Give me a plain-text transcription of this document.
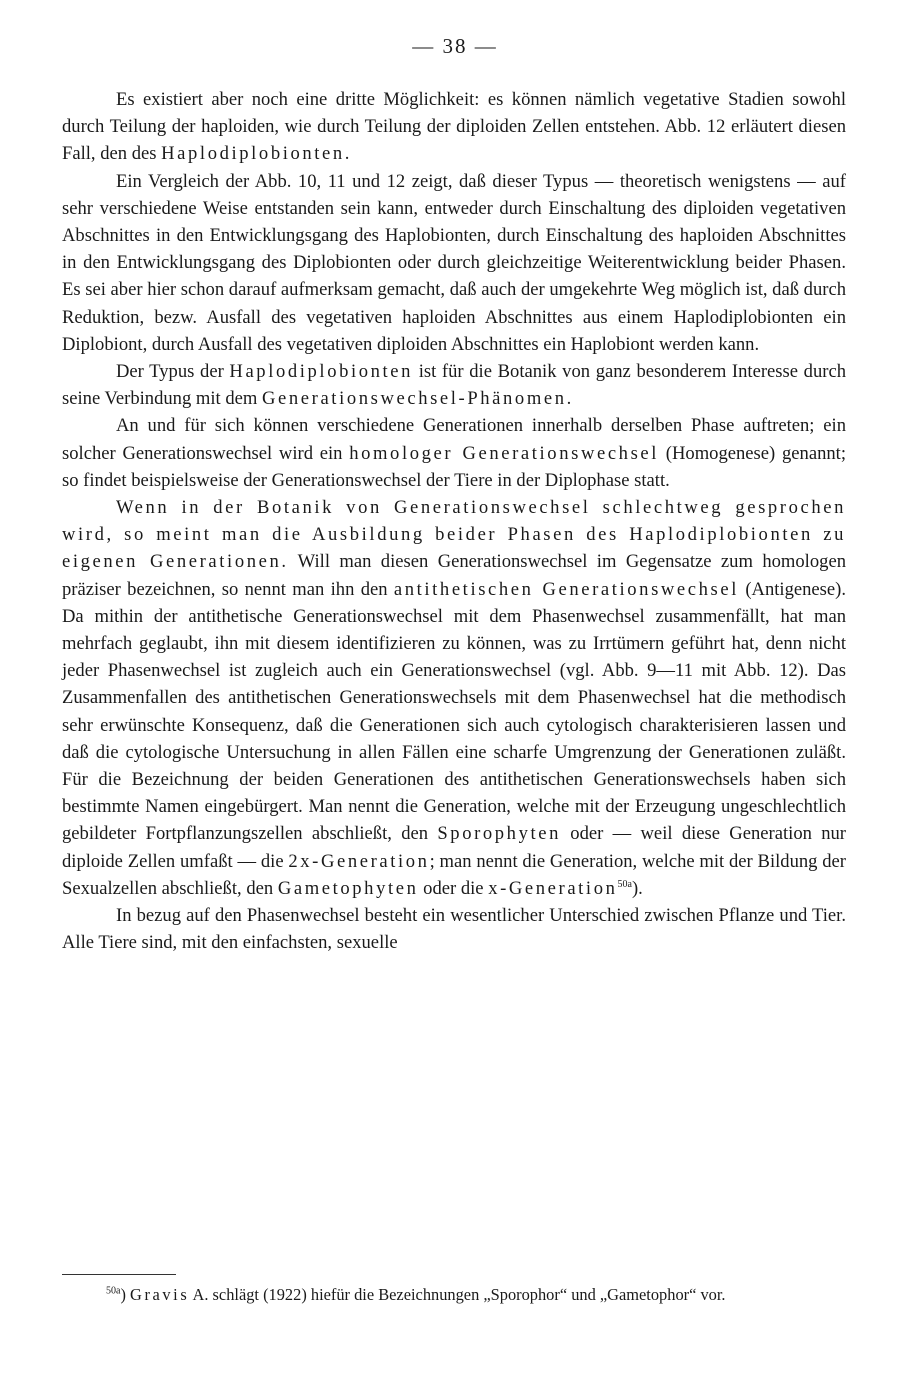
— 38 —

Es existiert aber noch eine dritte Möglichkeit: es können nämlich vegetative Stadien sowohl durch Teilung der haploiden, wie durch Teilung der diploiden Zellen entstehen. Abb. 12 erläutert diesen Fall, den des Haplodiplobionten.

Ein Vergleich der Abb. 10, 11 und 12 zeigt, daß dieser Typus — theoretisch wenigstens — auf sehr verschiedene Weise entstanden sein kann, entweder durch Einschaltung des diploiden vegetativen Abschnittes in den Entwicklungsgang des Haplobionten, durch Einschaltung des haploiden Abschnittes in den Entwicklungsgang des Diplobionten oder durch gleichzeitige Weiterentwicklung beider Phasen. Es sei aber hier schon darauf aufmerksam gemacht, daß auch der umgekehrte Weg möglich ist, daß durch Reduktion, bezw. Ausfall des vegetativen haploiden Abschnittes aus einem Haplodiplobionten ein Diplobiont, durch Ausfall des vegetativen diploiden Abschnittes ein Haplobiont werden kann.

Der Typus der Haplodiplobionten ist für die Botanik von ganz besonderem Interesse durch seine Verbindung mit dem Generationswechsel-Phänomen.

An und für sich können verschiedene Generationen innerhalb derselben Phase auftreten; ein solcher Generationswechsel wird ein homologer Generationswechsel (Homogenese) genannt; so findet beispielsweise der Generationswechsel der Tiere in der Diplophase statt.

Wenn in der Botanik von Generationswechsel schlechtweg gesprochen wird, so meint man die Ausbildung beider Phasen des Haplodiplobionten zu eigenen Generationen. Will man diesen Generationswechsel im Gegensatze zum homologen präziser bezeichnen, so nennt man ihn den antithetischen Generationswechsel (Antigenese). Da mithin der antithetische Generationswechsel mit dem Phasenwechsel zusammenfällt, hat man mehrfach geglaubt, ihn mit diesem identifizieren zu können, was zu Irrtümern geführt hat, denn nicht jeder Phasenwechsel ist zugleich auch ein Generationswechsel (vgl. Abb. 9—11 mit Abb. 12). Das Zusammenfallen des antithetischen Generationswechsels mit dem Phasenwechsel hat die methodisch sehr erwünschte Konsequenz, daß die Generationen sich auch cytologisch charakterisieren lassen und daß die cytologische Untersuchung in allen Fällen eine scharfe Umgrenzung der Generationen zuläßt. Für die Bezeichnung der beiden Generationen des antithetischen Generationswechsels haben sich bestimmte Namen eingebürgert. Man nennt die Generation, welche mit der Erzeugung ungeschlechtlich gebildeter Fortpflanzungszellen abschließt, den Sporophyten oder — weil diese Generation nur diploide Zellen umfaßt — die 2x-Generation; man nennt die Generation, welche mit der Bildung der Sexualzellen abschließt, den Gametophyten oder die x-Generation$^{50a}$).

In bezug auf den Phasenwechsel besteht ein wesentlicher Unterschied zwischen Pflanze und Tier. Alle Tiere sind, mit den einfachsten, sexuelle

$^{50a}$) Gravis A. schlägt (1922) hiefür die Bezeichnungen „Sporophor“ und „Gametophor“ vor.
